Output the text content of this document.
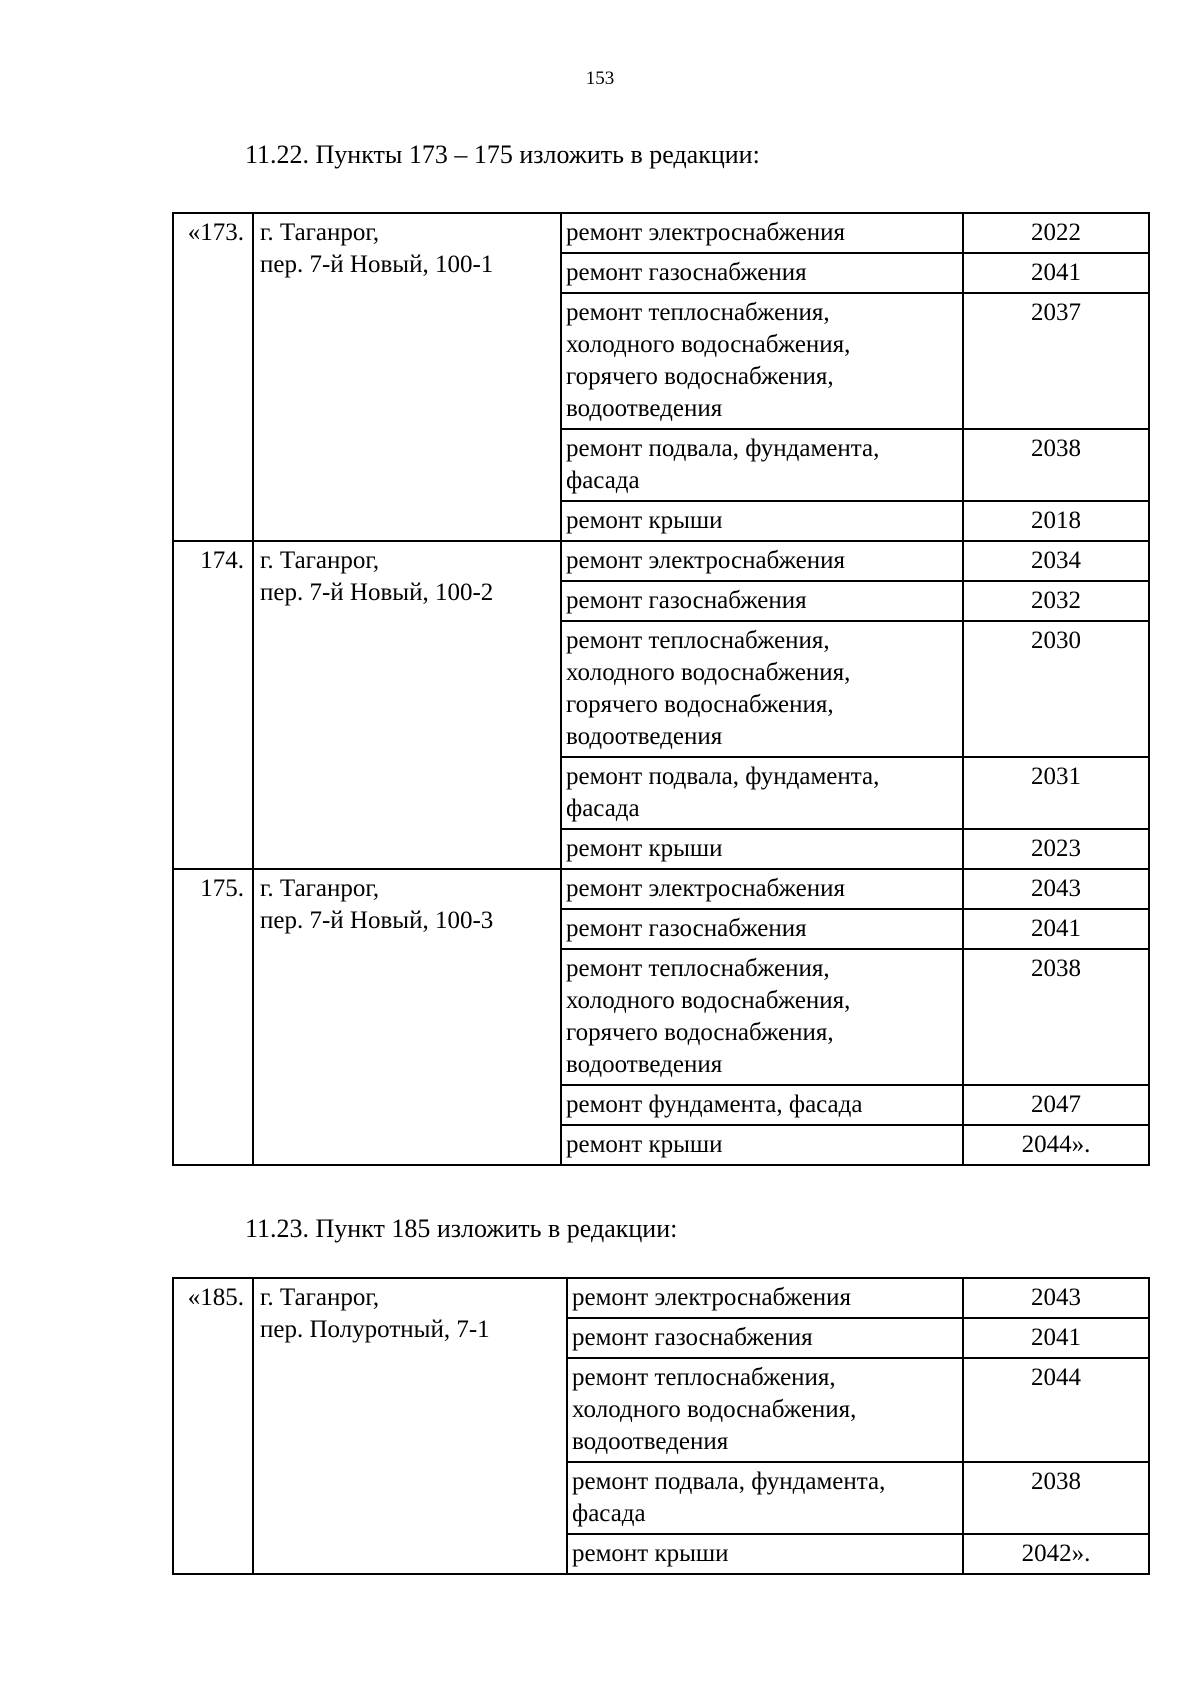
153
11.22. Пункты 173 – 175 изложить в редакции:
«173.	г. Таганрог,
пер. 7-й Новый, 100-1	ремонт электроснабжения	2022

		ремонт газоснабжения	2041

		ремонт теплоснабжения,
холодного водоснабжения,
горячего водоснабжения,
водоотведения	2037

		ремонт подвала, фундамента,
фасада	2038

		ремонт крыши	2018
174.	г. Таганрог,
пер. 7-й Новый, 100-2	ремонт электроснабжения	2034

		ремонт газоснабжения	2032

		ремонт теплоснабжения,
холодного водоснабжения,
горячего водоснабжения,
водоотведения	2030

		ремонт подвала, фундамента,
фасада	2031

		ремонт крыши	2023
175.	г. Таганрог,
пер. 7-й Новый, 100-3	ремонт электроснабжения	2043

		ремонт газоснабжения	2041

		ремонт теплоснабжения,
холодного водоснабжения,
горячего водоснабжения,
водоотведения	2038

		ремонт фундамента, фасада	2047

		ремонт крыши	2044».
11.23. Пункт 185 изложить в редакции:
«185.	г. Таганрог,
пер. Полуротный, 7-1	ремонт электроснабжения	2043

		ремонт газоснабжения	2041

		ремонт теплоснабжения,
холодного водоснабжения,
водоотведения	2044

		ремонт подвала, фундамента,
фасада	2038

		ремонт крыши	2042».
